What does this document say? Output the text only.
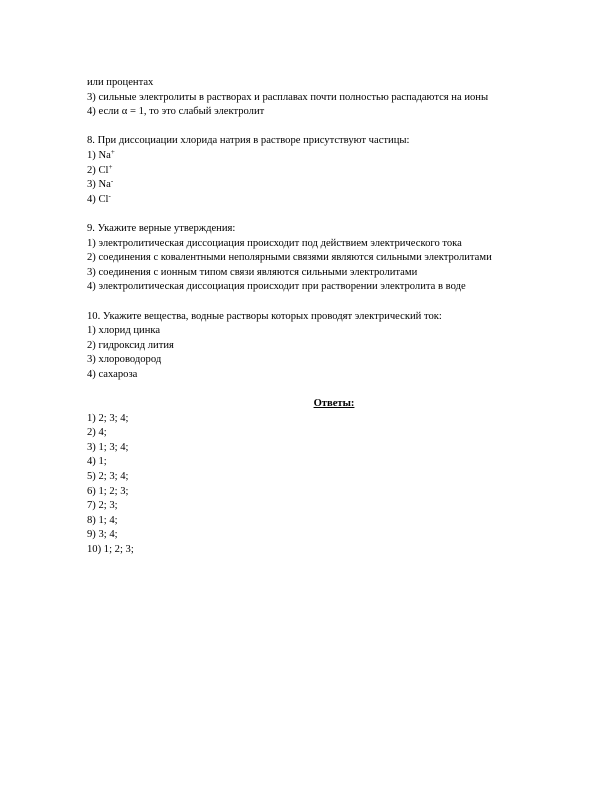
или процентах
3) сильные электролиты в растворах и расплавах почти полностью распадаются на ионы
4) если α = 1, то это слабый электролит
8. При диссоциации хлорида натрия в растворе присутствуют частицы:
1) Na+
2) Cl+
3) Na-
4) Cl-
9. Укажите верные утверждения:
1) электролитическая диссоциация происходит под действием электрического тока
2) соединения с ковалентными неполярными связями являются сильными электролитами
3) соединения с ионным типом связи являются сильными электролитами
4) электролитическая диссоциация происходит при растворении электролита в воде
10. Укажите вещества, водные растворы которых проводят электрический ток:
1) хлорид цинка
2) гидроксид лития
3) хлороводород
4) сахароза
Ответы:
1) 2; 3; 4;
2) 4;
3) 1; 3; 4;
4) 1;
5) 2; 3; 4;
6) 1; 2; 3;
7) 2; 3;
8) 1; 4;
9) 3; 4;
10) 1; 2; 3;
